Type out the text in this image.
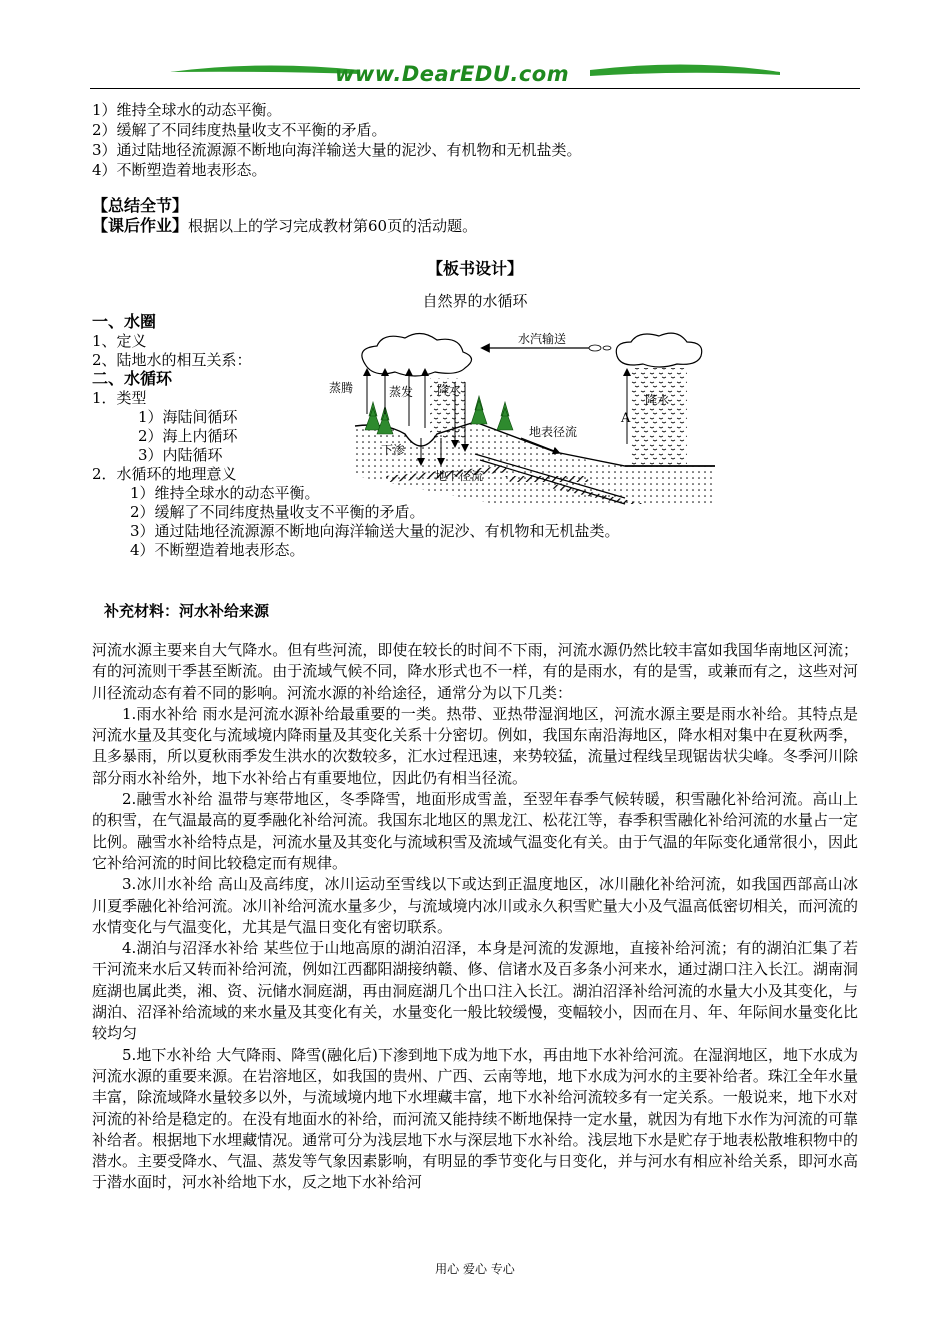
www.DearEDU.com
1）维持全球水的动态平衡。
2）缓解了不同纬度热量收支不平衡的矛盾。
3）通过陆地径流源源不断地向海洋输送大量的泥沙、有机物和无机盐类。
4）不断塑造着地表形态。
【总结全节】
【课后作业】根据以上的学习完成教材第60页的活动题。
【板书设计】
自然界的水循环
一、水圈
1、定义
2、陆地水的相互关系：
二、水循环
1．类型
1）海陆间循环
2）海上内循环
3）内陆循环
2．水循环的地理意义
1）维持全球水的动态平衡。
2）缓解了不同纬度热量收支不平衡的矛盾。
3）通过陆地径流源源不断地向海洋输送大量的泥沙、有机物和无机盐类。
4）不断塑造着地表形态。
水汽输送
蒸腾	蒸发 降水
降水
A
地表径流
下渗
地下径流
补充材料：河水补给来源

河流水源主要来自大气降水。但有些河流，即使在较长的时间不下雨，河流水源仍然比较丰富如我国华南地区河流；有的河流则干季甚至断流。由于流域气候不同，降水形式也不一样，有的是雨水，有的是雪，或兼而有之，这些对河川径流动态有着不同的影响。河流水源的补给途径，通常分为以下几类：

1.雨水补给 雨水是河流水源补给最重要的一类。热带、亚热带湿润地区，河流水源主要是雨水补给。其特点是河流水量及其变化与流域境内降雨量及其变化关系十分密切。例如，我国东南沿海地区，降水相对集中在夏秋两季，且多暴雨，所以夏秋雨季发生洪水的次数较多，汇水过程迅速，来势较猛，流量过程线呈现锯齿状尖峰。冬季河川除部分雨水补给外，地下水补给占有重要地位，因此仍有相当径流。

2.融雪水补给 温带与寒带地区，冬季降雪，地面形成雪盖，至翌年春季气候转暖，积雪融化补给河流。高山上的积雪，在气温最高的夏季融化补给河流。我国东北地区的黑龙江、松花江等，春季积雪融化补给河流的水量占一定比例。融雪水补给特点是，河流水量及其变化与流域积雪及流域气温变化有关。由于气温的年际变化通常很小，因此它补给河流的时间比较稳定而有规律。

3.冰川水补给 高山及高纬度，冰川运动至雪线以下或达到正温度地区，冰川融化补给河流，如我国西部高山冰川夏季融化补给河流。冰川补给河流水量多少，与流域境内冰川或永久积雪贮量大小及气温高低密切相关，而河流的水情变化与气温变化，尤其是气温日变化有密切联系。

4.湖泊与沼泽水补给 某些位于山地高原的湖泊沼泽，本身是河流的发源地，直接补给河流；有的湖泊汇集了若干河流来水后又转而补给河流，例如江西鄱阳湖接纳赣、修、信诸水及百多条小河来水，通过湖口注入长江。湖南洞庭湖也属此类，湘、资、沅储水洞庭湖，再由洞庭湖几个出口注入长江。湖泊沼泽补给河流的水量大小及其变化，与湖泊、沼泽补给流域的来水量及其变化有关，水量变化一般比较缓慢，变幅较小，因而在月、年、年际间水量变化比较均匀

5.地下水补给 大气降雨、降雪(融化后)下渗到地下成为地下水，再由地下水补给河流。在湿润地区，地下水成为河流水源的重要来源。在岩溶地区，如我国的贵州、广西、云南等地，地下水成为河水的主要补给者。珠江全年水量丰富，除流域降水量较多以外，与流域境内地下水埋藏丰富，地下水补给河流较多有一定关系。一般说来，地下水对河流的补给是稳定的。在没有地面水的补给，而河流又能持续不断地保持一定水量，就因为有地下水作为河流的可靠补给者。根据地下水埋藏情况。通常可分为浅层地下水与深层地下水补给。浅层地下水是贮存于地表松散堆积物中的潜水。主要受降水、气温、蒸发等气象因素影响，有明显的季节变化与日变化，并与河水有相应补给关系，即河水高于潜水面时，河水补给地下水，反之地下水补给河

用心 爱心 专心
